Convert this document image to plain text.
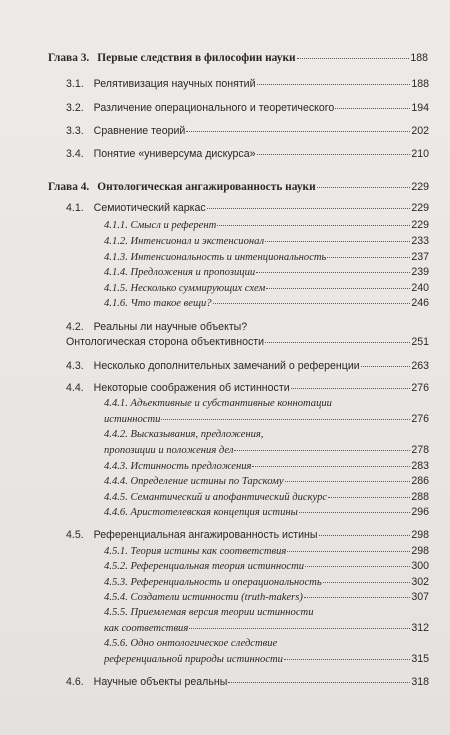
Глава 3. Первые следствия в философии науки	188
3.1. Релятивизация научных понятий	188
3.2. Различение операционального и теоретического	194
3.3. Сравнение теорий	202
3.4. Понятие «универсума дискурса»	210
Глава 4. Онтологическая ангажированность науки	229
4.1. Семиотический каркас	229
4.1.1. Смысл и референт	229
4.1.2. Интенсионал и экстенсионал	233
4.1.3. Интенсиональность и интенциональность	237
4.1.4. Предложения и пропозиции	239
4.1.5. Несколько суммирующих схем	240
4.1.6. Что такое вещи?	246
4.2. Реальны ли научные объекты?
Онтологическая сторона объективности	251
4.3. Несколько дополнительных замечаний о референции	263
4.4. Некоторые соображения об истинности	276
4.4.1. Адъективные и субстантивные коннотации
истинности	276
4.4.2. Высказывания, предложения,
пропозиции и положения дел	278
4.4.3. Истинность предложения	283
4.4.4. Определение истины по Тарскому	286
4.4.5. Семантический и апофантический дискурс	288
4.4.6. Аристотелевская концепция истины	296
4.5. Референциальная ангажированность истины	298
4.5.1. Теория истины как соответствия	298
4.5.2. Референциальная теория истинности	300
4.5.3. Референциальность и операциональность	302
4.5.4. Создатели истинности (truth-makers)	307
4.5.5. Приемлемая версия теории истинности
как соответствия	312
4.5.6. Одно онтологическое следствие
референциальной природы истинности	315
4.6. Научные объекты реальны	318
